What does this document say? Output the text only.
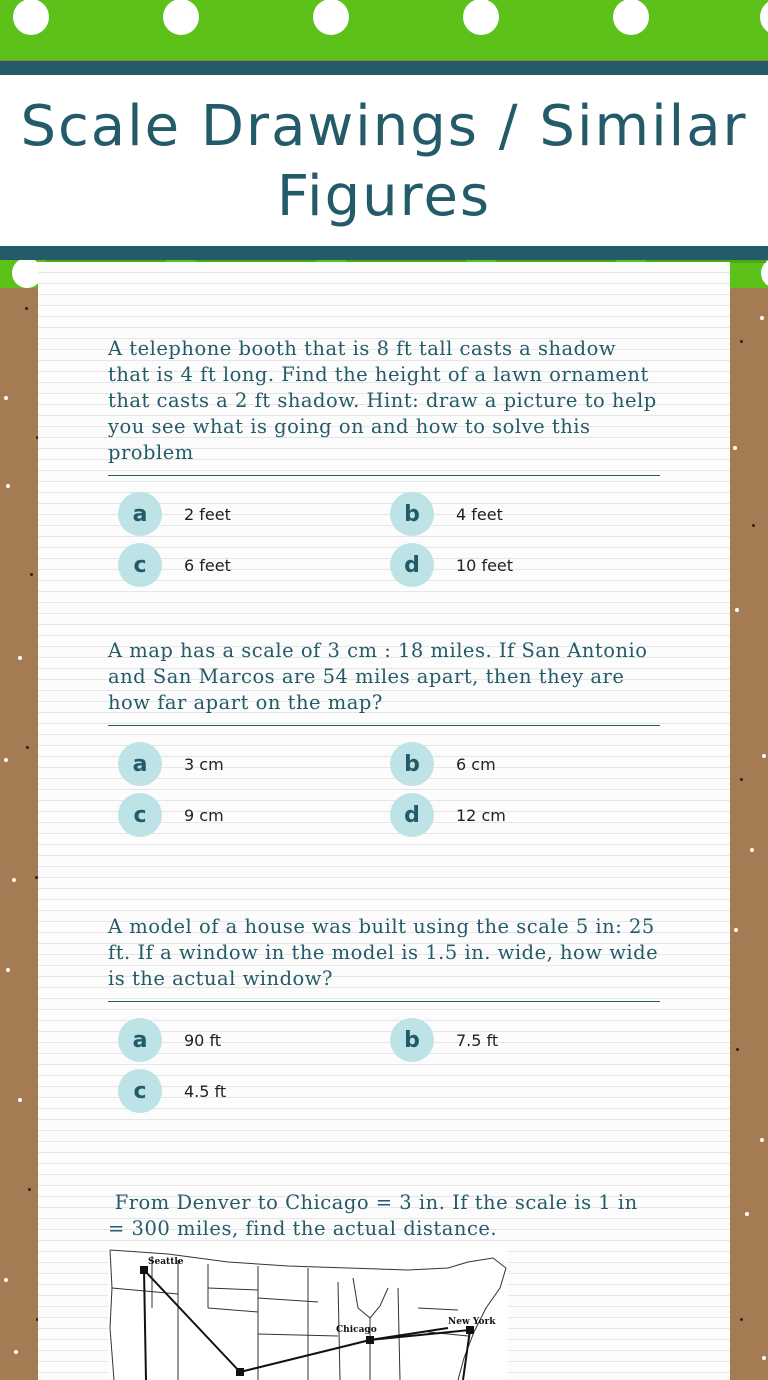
Scale Drawings / Similar Figures
A telephone booth that is 8 ft tall casts a shadow that is 4 ft long. Find the height of a lawn ornament that casts a 2 ft shadow. Hint: draw a picture to help you see what is going on and how to solve this problem
a	2 feet	b	4 feet
c	6 feet	d	10 feet
A map has a scale of 3 cm : 18 miles. If San Antonio and San Marcos are 54 miles apart, then they are how far apart on the map?
a	3 cm	b	6 cm
c	9 cm	d	12 cm
A model of a house was built using the scale 5 in: 25 ft. If a window in the model is 1.5 in. wide, how wide is the actual window?
a	90 ft	b	7.5 ft
c	4.5 ft
From Denver to Chicago = 3 in. If the scale is 1 in = 300 miles, find the actual distance.
Seattle
Chicago
New York
